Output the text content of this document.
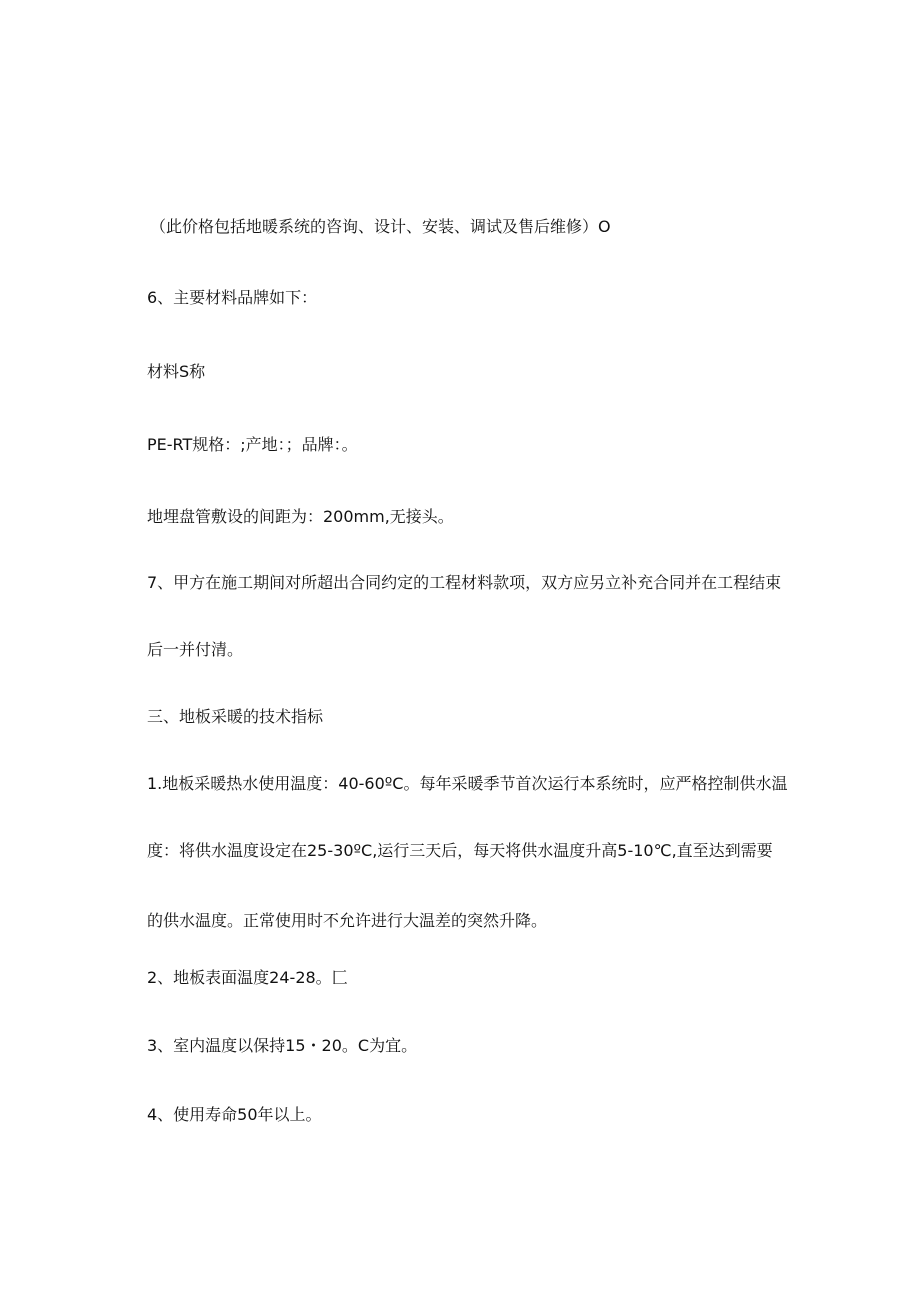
（此价格包括地暖系统的咨询、设计、安装、调试及售后维修）O
6、主要材料品牌如下：
材料S称
PE-RT规格：;产地：；品牌：。
地埋盘管敷设的间距为：200mm,无接头。
7、甲方在施工期间对所超出合同约定的工程材料款项，双方应另立补充合同并在工程结束
后一并付清。
三、地板采暖的技术指标
1.地板采暖热水使用温度：40-60ºC。每年采暖季节首次运行本系统时，应严格控制供水温
度：将供水温度设定在25-30ºC,运行三天后，每天将供水温度升高5-10℃,直至达到需要
的供水温度。正常使用时不允许进行大温差的突然升降。
2、地板表面温度24-28。匚
3、室内温度以保持15・20。C为宜。
4、使用寿命50年以上。
